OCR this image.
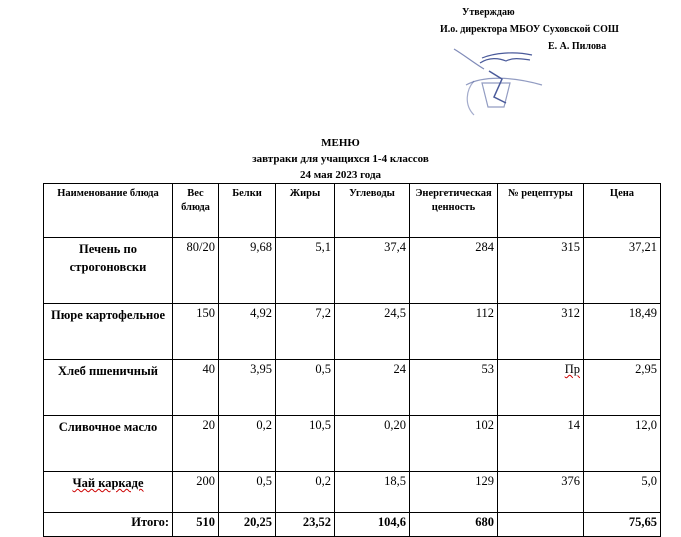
Утверждаю
И.о. директора МБОУ Суховской СОШ
Е. А. Пилова
МЕНЮ
завтраки для учащихся 1-4 классов
24 мая 2023 года
Наименование блюда	Вес блюда	Белки	Жиры	Углеводы	Энергетическая ценность	№ рецептуры	Цена
Печень по строгоновски	80/20	9,68	5,1	37,4	284	315	37,21
Пюре картофельное	150	4,92	7,2	24,5	112	312	18,49
Хлеб пшеничный	40	3,95	0,5	24	53	Пр	2,95
Сливочное масло	20	0,2	10,5	0,20	102	14	12,0
Чай каркаде	200	0,5	0,2	18,5	129	376	5,0
Итого:	510	20,25	23,52	104,6	680		75,65
